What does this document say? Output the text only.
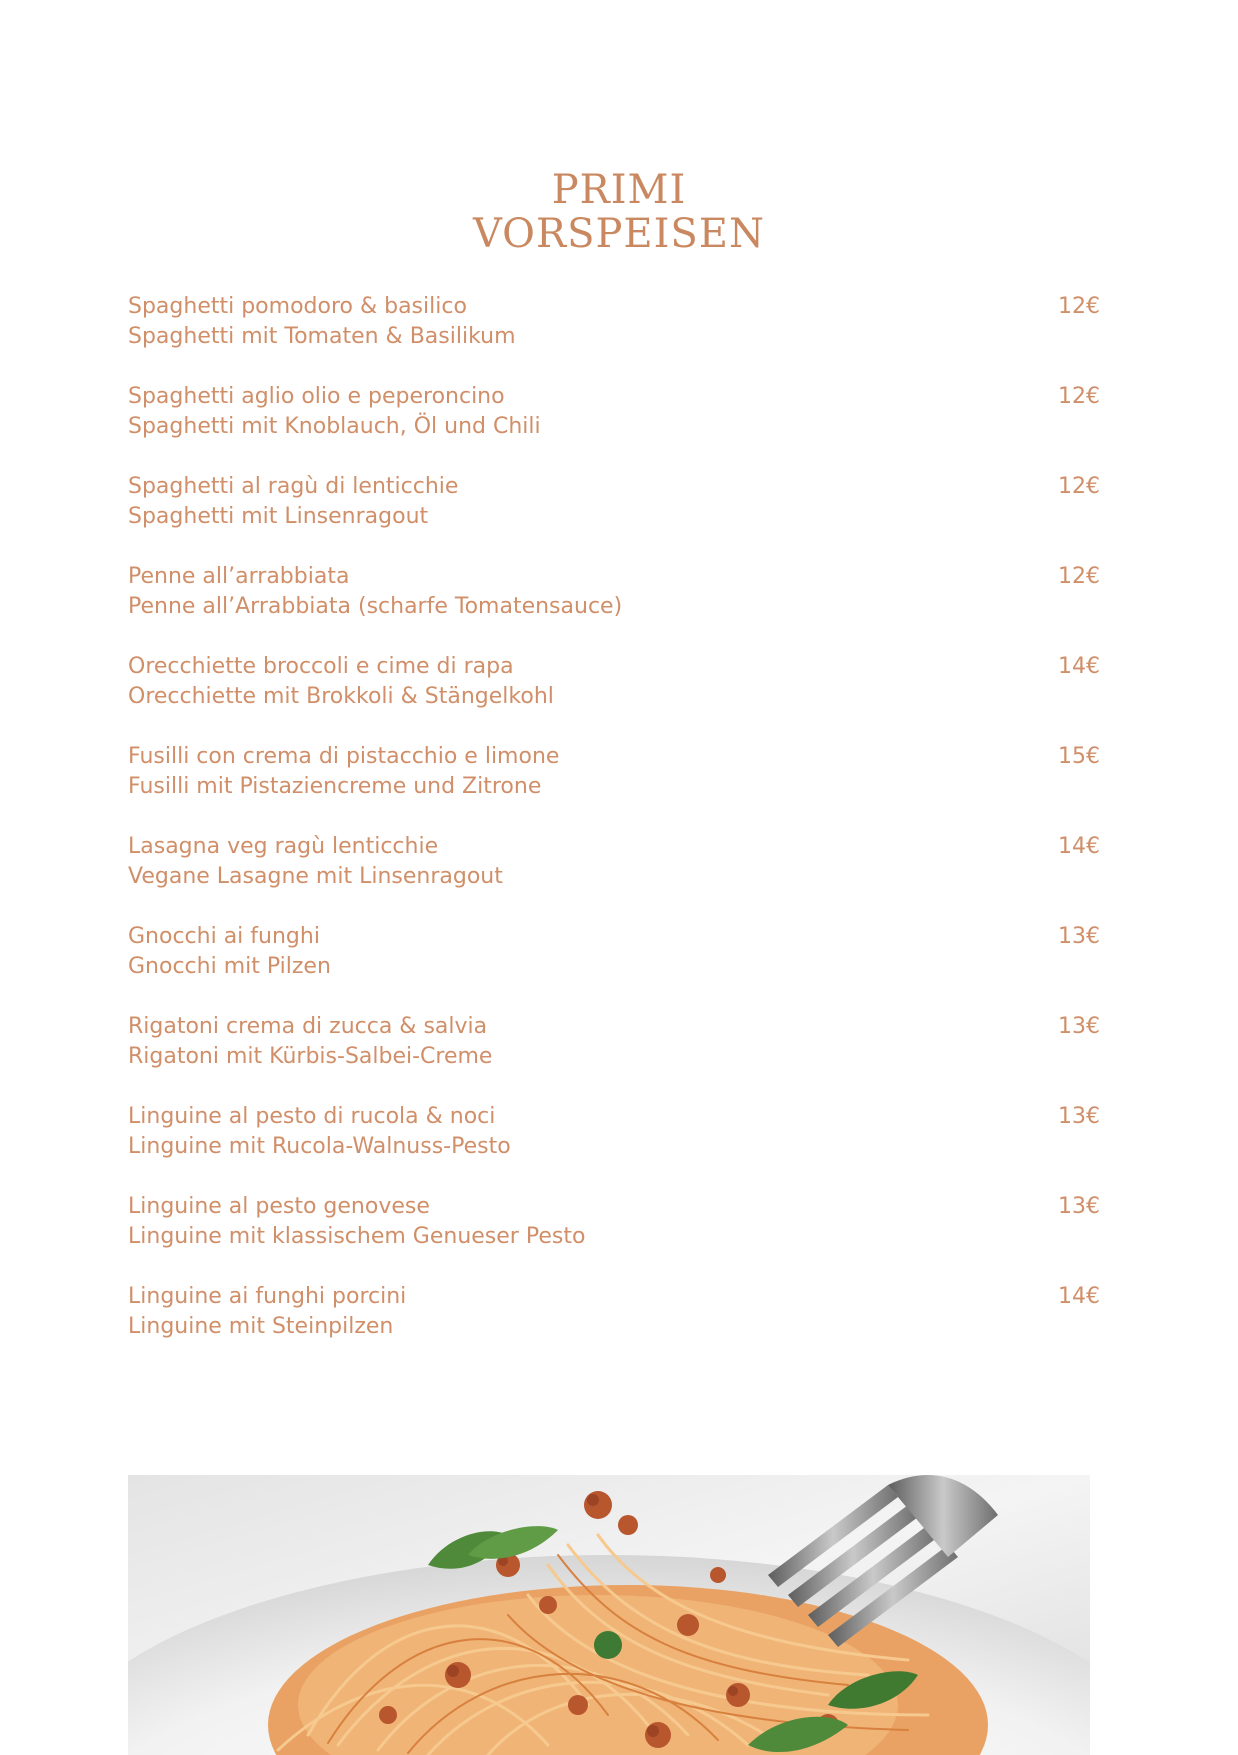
PRIMI
VORSPEISEN
Spaghetti pomodoro & basilico
Spaghetti mit Tomaten & Basilikum
12€
Spaghetti aglio olio e peperoncino
Spaghetti mit Knoblauch, Öl und Chili
12€
Spaghetti al ragù di lenticchie
Spaghetti mit Linsenragout
12€
Penne all’arrabbiata
Penne all’Arrabbiata (scharfe Tomatensauce)
12€
Orecchiette broccoli e cime di rapa
Orecchiette mit Brokkoli & Stängelkohl
14€
Fusilli con crema di pistacchio e limone
Fusilli mit Pistaziencreme und Zitrone
15€
Lasagna veg ragù lenticchie
Vegane Lasagne mit Linsenragout
14€
Gnocchi ai funghi
Gnocchi mit Pilzen
13€
Rigatoni crema di zucca & salvia
Rigatoni mit Kürbis-Salbei-Creme
13€
Linguine al pesto di rucola & noci
Linguine mit Rucola-Walnuss-Pesto
13€
Linguine al pesto genovese
Linguine mit klassischem Genueser Pesto
13€
Linguine ai funghi porcini
Linguine mit Steinpilzen
14€
